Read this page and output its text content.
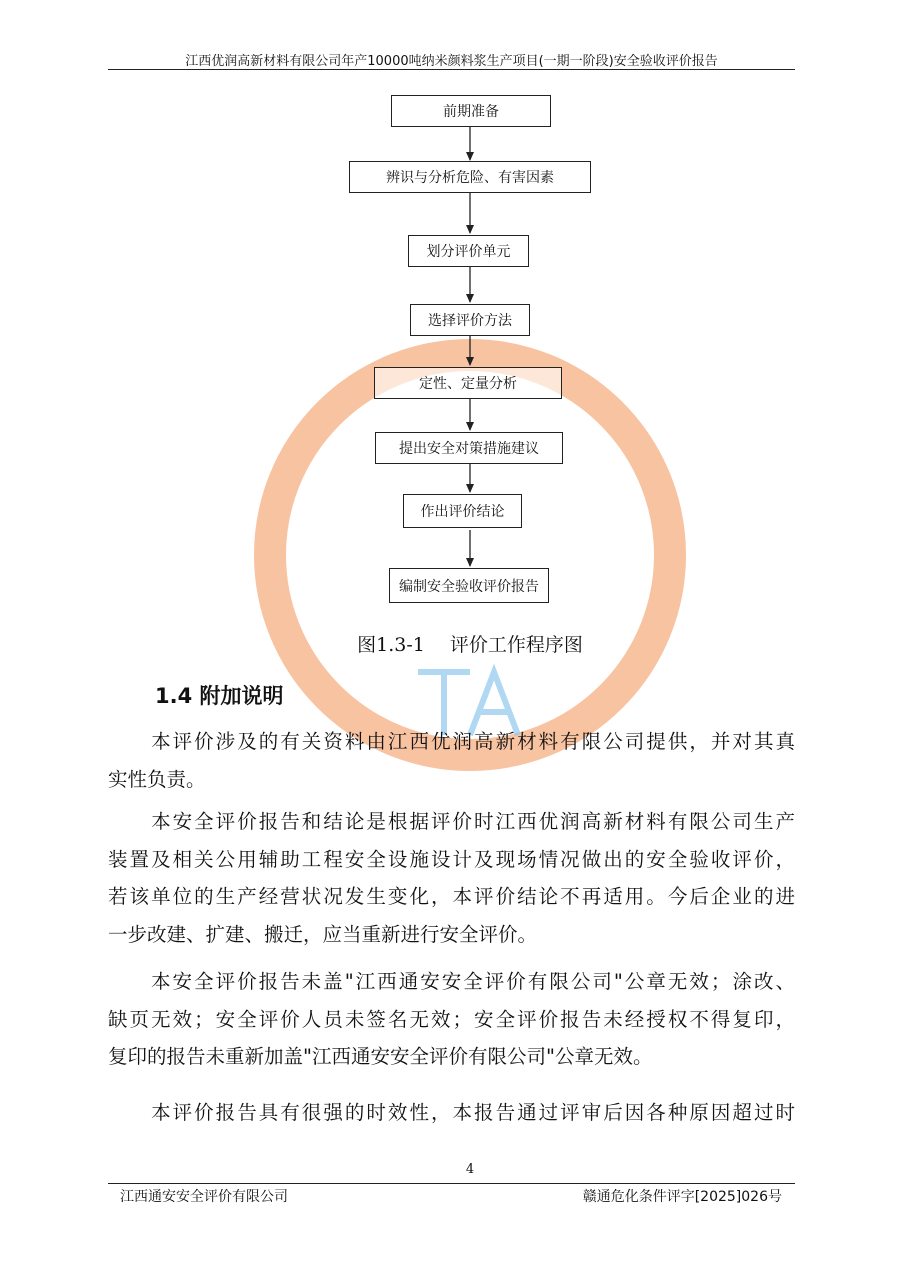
江西优润高新材料有限公司年产10000吨纳米颜料浆生产项目(一期一阶段)安全验收评价报告
前期准备
辨识与分析危险、有害因素
划分评价单元
选择评价方法
定性、定量分析
提出安全对策措施建议
作出评价结论
编制安全验收评价报告
图1.3-1　 评价工作程序图
1.4 附加说明
　　本评价涉及的有关资料由江西优润高新材料有限公司提供，并对其真
实性负责。
　　本安全评价报告和结论是根据评价时江西优润高新材料有限公司生产
装置及相关公用辅助工程安全设施设计及现场情况做出的安全验收评价，
若该单位的生产经营状况发生变化，本评价结论不再适用。今后企业的进
一步改建、扩建、搬迁，应当重新进行安全评价。
　　本安全评价报告未盖"江西通安安全评价有限公司"公章无效；涂改、
缺页无效；安全评价人员未签名无效；安全评价报告未经授权不得复印，
复印的报告未重新加盖"江西通安安全评价有限公司"公章无效。
　　本评价报告具有很强的时效性，本报告通过评审后因各种原因超过时
4
江西通安安全评价有限公司	赣通危化条件评字[2025]026号
